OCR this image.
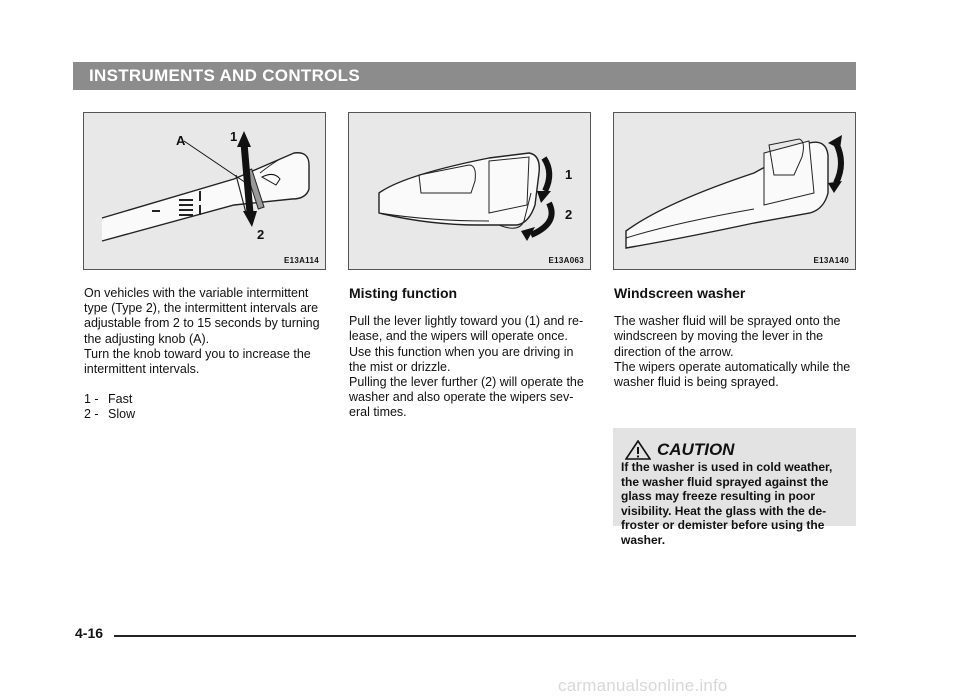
INSTRUMENTS AND CONTROLS
A	1
2
E13A114
1
2
E13A063	E13A140

On vehicles with the variable intermittent type (Type 2), the intermittent intervals are adjustable from 2 to 15 seconds by turning the adjusting knob (A).

Turn the knob toward you to increase the intermittent intervals.

1 - Fast
2 - Slow

Misting function

Pull the lever lightly toward you (1) and re-lease, and the wipers will operate once. Use this function when you are driving in the mist or drizzle.

Pulling the lever further (2) will operate the washer and also operate the wipers sev-eral times.

Windscreen washer

The washer fluid will be sprayed onto the windscreen by moving the lever in the direction of the arrow.

The wipers operate automatically while the washer fluid is being sprayed.

CAUTION

If the washer is used in cold weather, the washer fluid sprayed against the glass may freeze resulting in poor visibility. Heat the glass with the de-froster or demister before using the washer.

4-16
carmanualsonline.info
